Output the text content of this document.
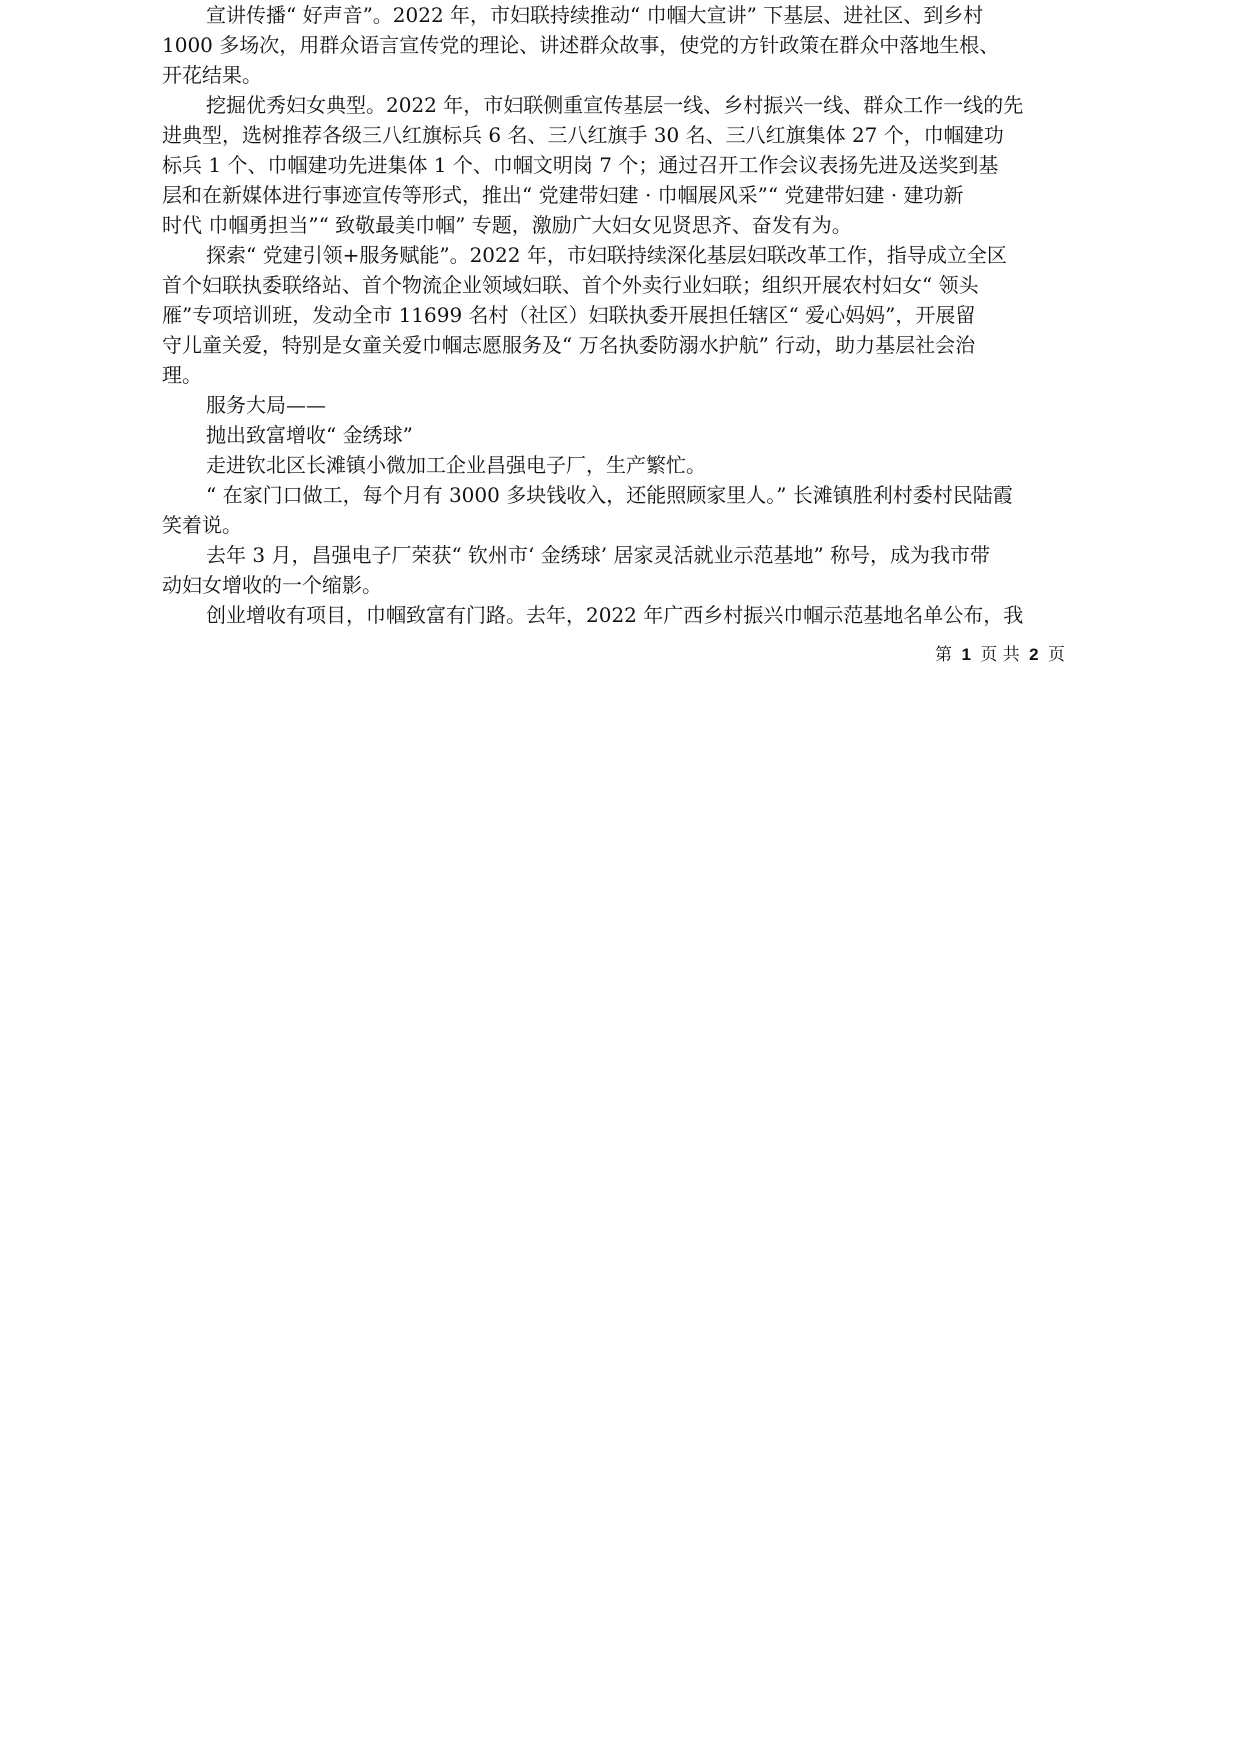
宣讲传播“ 好声音”。2022 年，市妇联持续推动“ 巾帼大宣讲” 下基层、进社区、到乡村
1000 多场次，用群众语言宣传党的理论、讲述群众故事，使党的方针政策在群众中落地生根、
开花结果。
挖掘优秀妇女典型。2022 年，市妇联侧重宣传基层一线、乡村振兴一线、群众工作一线的先
进典型，选树推荐各级三八红旗标兵 6 名、三八红旗手 30 名、三八红旗集体 27 个，巾帼建功
标兵 1 个、巾帼建功先进集体 1 个、巾帼文明岗 7 个；通过召开工作会议表扬先进及送奖到基
层和在新媒体进行事迹宣传等形式，推出“ 党建带妇建 · 巾帼展风采”“ 党建带妇建 · 建功新
时代 巾帼勇担当”“ 致敬最美巾帼” 专题，激励广大妇女见贤思齐、奋发有为。
探索“ 党建引领+服务赋能”。2022 年，市妇联持续深化基层妇联改革工作，指导成立全区
首个妇联执委联络站、首个物流企业领域妇联、首个外卖行业妇联；组织开展农村妇女“ 领头
雁”专项培训班，发动全市 11699 名村（社区）妇联执委开展担任辖区“ 爱心妈妈”，开展留
守儿童关爱，特别是女童关爱巾帼志愿服务及“ 万名执委防溺水护航” 行动，助力基层社会治
理。
服务大局——
抛出致富增收“ 金绣球”
走进钦北区长滩镇小微加工企业昌强电子厂，生产繁忙。
“ 在家门口做工，每个月有 3000 多块钱收入，还能照顾家里人。” 长滩镇胜利村委村民陆霞
笑着说。
去年 3 月，昌强电子厂荣获“ 钦州市‘ 金绣球’ 居家灵活就业示范基地” 称号，成为我市带
动妇女增收的一个缩影。
创业增收有项目，巾帼致富有门路。去年，2022 年广西乡村振兴巾帼示范基地名单公布，我
第 1 页 共 2 页
